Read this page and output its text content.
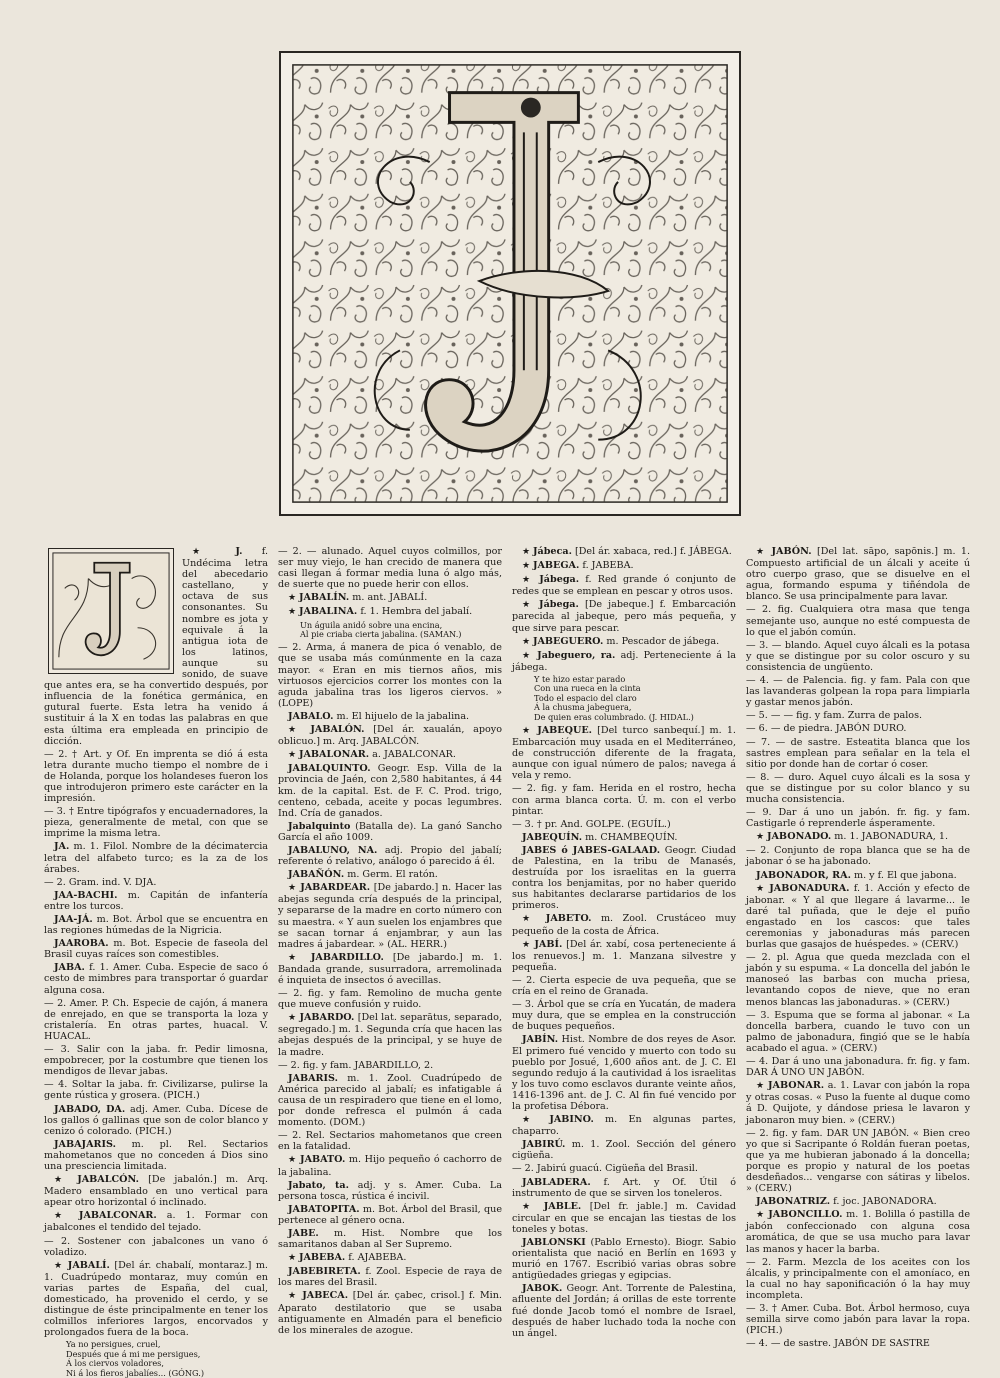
★ J. f. Undécima letra del abecedario castellano, y octava de sus consonantes. Su nombre es jota y equivale á la antigua iota de los latinos, aunque su sonido, de suave que antes era, se ha convertido después, por influencia de la fonética germánica, en gutural fuerte. Esta letra ha venido á sustituir á la X en todas las palabras en que esta última era empleada en principio de dicción.

— 2. † Art. y Of. En imprenta se dió á esta letra durante mucho tiempo el nombre de i de Holanda, porque los holandeses fueron los que introdujeron primero este carácter en la impresión.

— 3. † Entre tipógrafos y encuadernadores, la pieza, generalmente de metal, con que se imprime la misma letra.

JA. m. 1. Filol. Nombre de la décimatercia letra del alfabeto turco; es la za de los árabes.

— 2. Gram. ind. V. DJA.

JAA-BACHI. m. Capitán de infantería entre los turcos.

JAA-JÁ. m. Bot. Árbol que se encuentra en las regiones húmedas de la Nigricia.

JAAROBA. m. Bot. Especie de faseola del Brasil cuyas raíces son comestibles.

JABA. f. 1. Amer. Cuba. Especie de saco ó cesto de mimbres para transportar ó guardar alguna cosa.

— 2. Amer. P. Ch. Especie de cajón, á manera de enrejado, en que se transporta la loza y cristalería. En otras partes, huacal. V. HUACAL.

— 3. Salir con la jaba. fr. Pedir limosna, empobrecer, por la costumbre que tienen los mendigos de llevar jabas.

— 4. Soltar la jaba. fr. Civilizarse, pulirse la gente rústica y grosera. (PICH.)

JABADO, DA. adj. Amer. Cuba. Dícese de los gallos ó gallinas que son de color blanco y cenizo ó colorado. (PICH.)

JABAJARIS. m. pl. Rel. Sectarios mahometanos que no conceden á Dios sino una presciencia limitada.

★ JABALCÓN. [De jabalón.] m. Arq. Madero ensamblado en uno vertical para apear otro horizontal ó inclinado.

★ JABALCONAR. a. 1. Formar con jabalcones el tendido del tejado.

— 2. Sostener con jabalcones un vano ó voladizo.

★ JABALÍ. [Del ár. chabalí, montaraz.] m. 1. Cuadrúpedo montaraz, muy común en varias partes de España, del cual, domesticado, ha provenido el cerdo, y se distingue de éste principalmente en tener los colmillos inferiores largos, encorvados y prolongados fuera de la boca.

Ya no persigues, cruel,
Después que á mi me persigues,
Á los ciervos voladores,
Ni á los fieros jabalíes... (GÓNG.)

— 2. — alunado. Aquel cuyos colmillos, por ser muy viejo, le han crecido de manera que casi llegan á formar media luna ó algo más, de suerte que no puede herir con ellos.

★ JABALÍN. m. ant. JABALÍ.

★ JABALINA. f. 1. Hembra del jabalí.

Un águila anidó sobre una encina,
Al pie criaba cierta jabalina. (SAMAN.)

— 2. Arma, á manera de pica ó venablo, de que se usaba más comúnmente en la caza mayor. « Eran en mis tiernos años, mis virtuosos ejercicios correr los montes con la aguda jabalina tras los ligeros ciervos. » (LOPE)

JABALO. m. El hijuelo de la jabalina.

★ JABALÓN. [Del ár. xaualán, apoyo oblicuo.] m. Arq. JABALCÓN.

★ JABALONAR. a. JABALCONAR.

JABALQUINTO. Geogr. Esp. Villa de la provincia de Jaén, con 2,580 habitantes, á 44 km. de la capital. Est. de F. C. Prod. trigo, centeno, cebada, aceite y pocas legumbres. Ind. Cría de ganados.

Jabalquinto (Batalla de). La ganó Sancho García el año 1009.

JABALUNO, NA. adj. Propio del jabalí; referente ó relativo, análogo ó parecido á él.

JABAÑÓN. m. Germ. El ratón.

★ JABARDEAR. [De jabardo.] n. Hacer las abejas segunda cría después de la principal, y separarse de la madre en corto número con su maestra. « Y aun suelen los enjambres que se sacan tornar á enjambrar, y aun las madres á jabardear. » (AL. HERR.)

★ JABARDILLO. [De jabardo.] m. 1. Bandada grande, susurradora, arremolinada é inquieta de insectos ó avecillas.

— 2. fig. y fam. Remolino de mucha gente que mueve confusión y ruido.

★ JABARDO. [Del lat. separātus, separado, segregado.] m. 1. Segunda cría que hacen las abejas después de la principal, y se huye de la madre.

— 2. fig. y fam. JABARDILLO, 2.

JABARIS. m. 1. Zool. Cuadrúpedo de América parecido al jabalí; es infatigable á causa de un respiradero que tiene en el lomo, por donde refresca el pulmón á cada momento. (DOM.)

— 2. Rel. Sectarios mahometanos que creen en la fatalidad.

★ JABATO. m. Hijo pequeño ó cachorro de la jabalina.

Jabato, ta. adj. y s. Amer. Cuba. La persona tosca, rústica é incivil.

JABATOPITA. m. Bot. Árbol del Brasil, que pertenece al género ocna.

JABE. m. Hist. Nombre que los samaritanos daban al Ser Supremo.

★ JABEBA. f. AJABEBA.

JABEBIRETA. f. Zool. Especie de raya de los mares del Brasil.

★ JABECA. [Del ár. çabec, crisol.] f. Min. Aparato destilatorio que se usaba antiguamente en Almadén para el beneficio de los minerales de azogue.

★ Jábeca. [Del ár. xabaca, red.] f. JÁBEGA.

★ JABEGA. f. JABEBA.

★ Jábega. f. Red grande ó conjunto de redes que se emplean en pescar y otros usos.

★ Jábega. [De jabeque.] f. Embarcación parecida al jabeque, pero más pequeña, y que sirve para pescar.

★ JABEGUERO. m. Pescador de jábega.

★ Jabeguero, ra. adj. Perteneciente á la jábega.

Y te hizo estar parado
Con una rueca en la cinta
Todo el espacio del claro
Á la chusma jabeguera,
De quien eras columbrado. (J. HIDAL.)

★ JABEQUE. [Del turco sanbequí.] m. 1. Embarcación muy usada en el Mediterráneo, de construcción diferente de la fragata, aunque con igual número de palos; navega á vela y remo.

— 2. fig. y fam. Herida en el rostro, hecha con arma blanca corta. Ú. m. con el verbo pintar.

— 3. † pr. And. GOLPE. (EGUÍL.)

JABEQUÍN. m. CHAMBEQUÍN.

JABES ó JABES-GALAAD. Geogr. Ciudad de Palestina, en la tribu de Manasés, destruída por los israelitas en la guerra contra los benjamitas, por no haber querido sus habitantes declararse partidarios de los primeros.

★ JABETO. m. Zool. Crustáceo muy pequeño de la costa de África.

★ JABÍ. [Del ár. xabí, cosa perteneciente á los renuevos.] m. 1. Manzana silvestre y pequeña.

— 2. Cierta especie de uva pequeña, que se cría en el reino de Granada.

— 3. Árbol que se cría en Yucatán, de madera muy dura, que se emplea en la construcción de buques pequeños.

JABÍN. Hist. Nombre de dos reyes de Asor. El primero fué vencido y muerto con todo su pueblo por Josué, 1,600 años ant. de J. C. El segundo redujo á la cautividad á los israelitas y los tuvo como esclavos durante veinte años, 1416-1396 ant. de J. C. Al fin fué vencido por la profetisa Débora.

★ JABINO. m. En algunas partes, chaparro.

JABIRÚ. m. 1. Zool. Sección del género cigüeña.

— 2. Jabirú guacú. Cigüeña del Brasil.

JABLADERA. f. Art. y Of. Útil ó instrumento de que se sirven los toneleros.

★ JABLE. [Del fr. jable.] m. Cavidad circular en que se encajan las tiestas de los toneles y botas.

JABLONSKI (Pablo Ernesto). Biogr. Sabio orientalista que nació en Berlín en 1693 y murió en 1767. Escribió varias obras sobre antigüedades griegas y egipcias.

JABOK. Geogr. Ant. Torrente de Palestina, afluente del Jordán; á orillas de este torrente fué donde Jacob tomó el nombre de Israel, después de haber luchado toda la noche con un ángel.

★ JABÓN. [Del lat. sāpo, sapōnis.] m. 1. Compuesto artificial de un álcali y aceite ú otro cuerpo graso, que se disuelve en el agua, formando espuma y tiñéndola de blanco. Se usa principalmente para lavar.

— 2. fig. Cualquiera otra masa que tenga semejante uso, aunque no esté compuesta de lo que el jabón común.

— 3. — blando. Aquel cuyo álcali es la potasa y que se distingue por su color oscuro y su consistencia de ungüento.

— 4. — de Palencia. fig. y fam. Pala con que las lavanderas golpean la ropa para limpiarla y gastar menos jabón.

— 5. — — fig. y fam. Zurra de palos.

— 6. — de piedra. JABÓN DURO.

— 7. — de sastre. Esteatita blanca que los sastres emplean para señalar en la tela el sitio por donde han de cortar ó coser.

— 8. — duro. Aquel cuyo álcali es la sosa y que se distingue por su color blanco y su mucha consistencia.

— 9. Dar á uno un jabón. fr. fig. y fam. Castigarle ó reprenderle ásperamente.

★ JABONADO. m. 1. JABONADURA, 1.

— 2. Conjunto de ropa blanca que se ha de jabonar ó se ha jabonado.

JABONADOR, RA. m. y f. El que jabona.

★ JABONADURA. f. 1. Acción y efecto de jabonar. « Y al que llegare á lavarme... le daré tal puñada, que le deje el puño engastado en los cascos: que tales ceremonias y jabonaduras más parecen burlas que gasajos de huéspedes. » (CERV.)

— 2. pl. Agua que queda mezclada con el jabón y su espuma. « La doncella del jabón le manoseó las barbas con mucha priesa, levantando copos de nieve, que no eran menos blancas las jabonaduras. » (CERV.)

— 3. Espuma que se forma al jabonar. « La doncella barbera, cuando le tuvo con un palmo de jabonadura, fingió que se le había acabado el agua. » (CERV.)

— 4. Dar á uno una jabonadura. fr. fig. y fam. DAR Á UNO UN JABÓN.

★ JABONAR. a. 1. Lavar con jabón la ropa y otras cosas. « Puso la fuente al duque como á D. Quijote, y dándose priesa le lavaron y jabonaron muy bien. » (CERV.)

— 2. fig. y fam. DAR UN JABÓN. « Bien creo yo que si Sacripante ó Roldán fueran poetas, que ya me hubieran jabonado á la doncella; porque es propio y natural de los poetas desdeñados... vengarse con sátiras y libelos. » (CERV.)

JABONATRIZ. f. joc. JABONADORA.

★ JABONCILLO. m. 1. Bolilla ó pastilla de jabón confeccionado con alguna cosa aromática, de que se usa mucho para lavar las manos y hacer la barba.

— 2. Farm. Mezcla de los aceites con los álcalis, y principalmente con el amoníaco, en la cual no hay saponificación ó la hay muy incompleta.

— 3. † Amer. Cuba. Bot. Árbol hermoso, cuya semilla sirve como jabón para lavar la ropa. (PICH.)

— 4. — de sastre. JABÓN DE SASTRE
